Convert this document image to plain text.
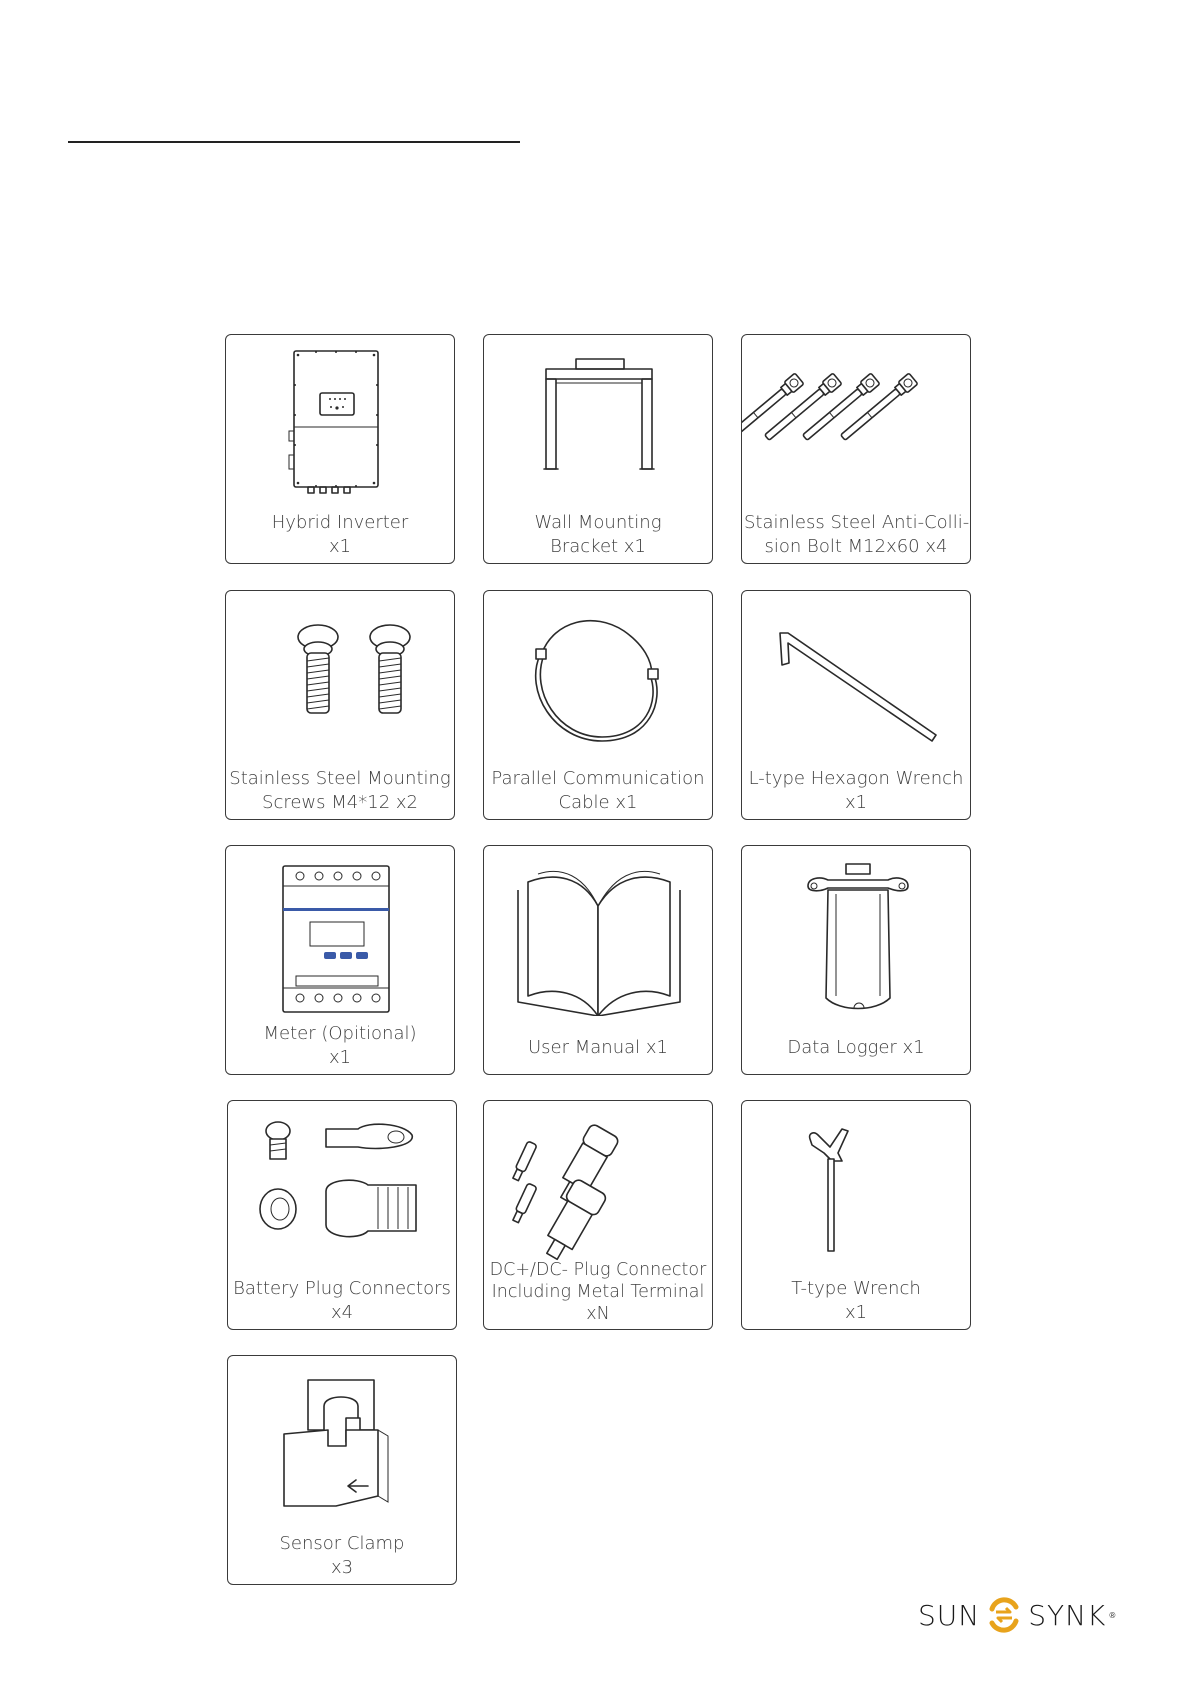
Hybrid Inverter
x1
Wall Mounting
Bracket x1
Stainless Steel Anti-Colli-
sion Bolt M12x60 x4
Stainless Steel Mounting
Screws M4*12 x2
Parallel Communication
Cable x1
L-type Hexagon Wrench
x1
Meter (Opitional)
x1	User Manual x1	Data Logger x1
Battery Plug Connectors
x4
DC+/DC- Plug Connector
Including Metal Terminal
xN
T-type Wrench
x1
Sensor Clamp
x3
SUN SYNK ®
